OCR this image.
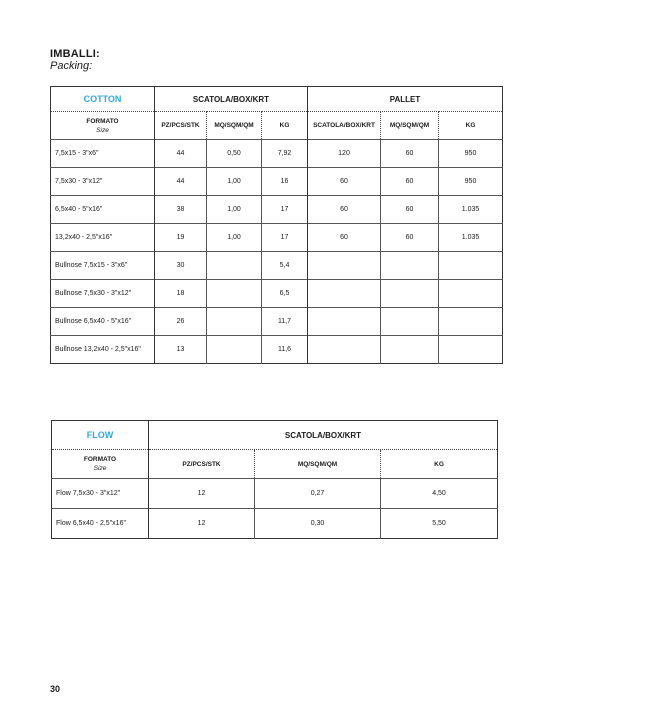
IMBALLI:
Packing:
COTTON	SCATOLA/BOX/KRT			PALLET		
FORMATO
Size	PZ/PCS/STK	MQ/SQM/QM	KG	SCATOLA/BOX/KRT	MQ/SQM/QM	KG
7,5x15 - 3"x6"	44	0,50	7,92	120	60	950
7,5x30 - 3"x12"	44	1,00	16	60	60	950
6,5x40 - 5"x16"	38	1,00	17	60	60	1.035
13,2x40 - 2,5"x16"	19	1,00	17	60	60	1.035
Bullnose 7,5x15 - 3"x6"	30		5,4			
Bullnose 7,5x30 - 3"x12"	18		6,5			
Bullnose 6,5x40 - 5"x16"	26		11,7			
Bullnose 13,2x40 - 2,5"x16"	13		11,6			
FLOW	SCATOLA/BOX/KRT		
FORMATO
Size	PZ/PCS/STK	MQ/SQM/QM	KG
Flow 7,5x30 - 3"x12"	12	0,27	4,50
Flow 6,5x40 - 2,5"x16"	12	0,30	5,50
30
